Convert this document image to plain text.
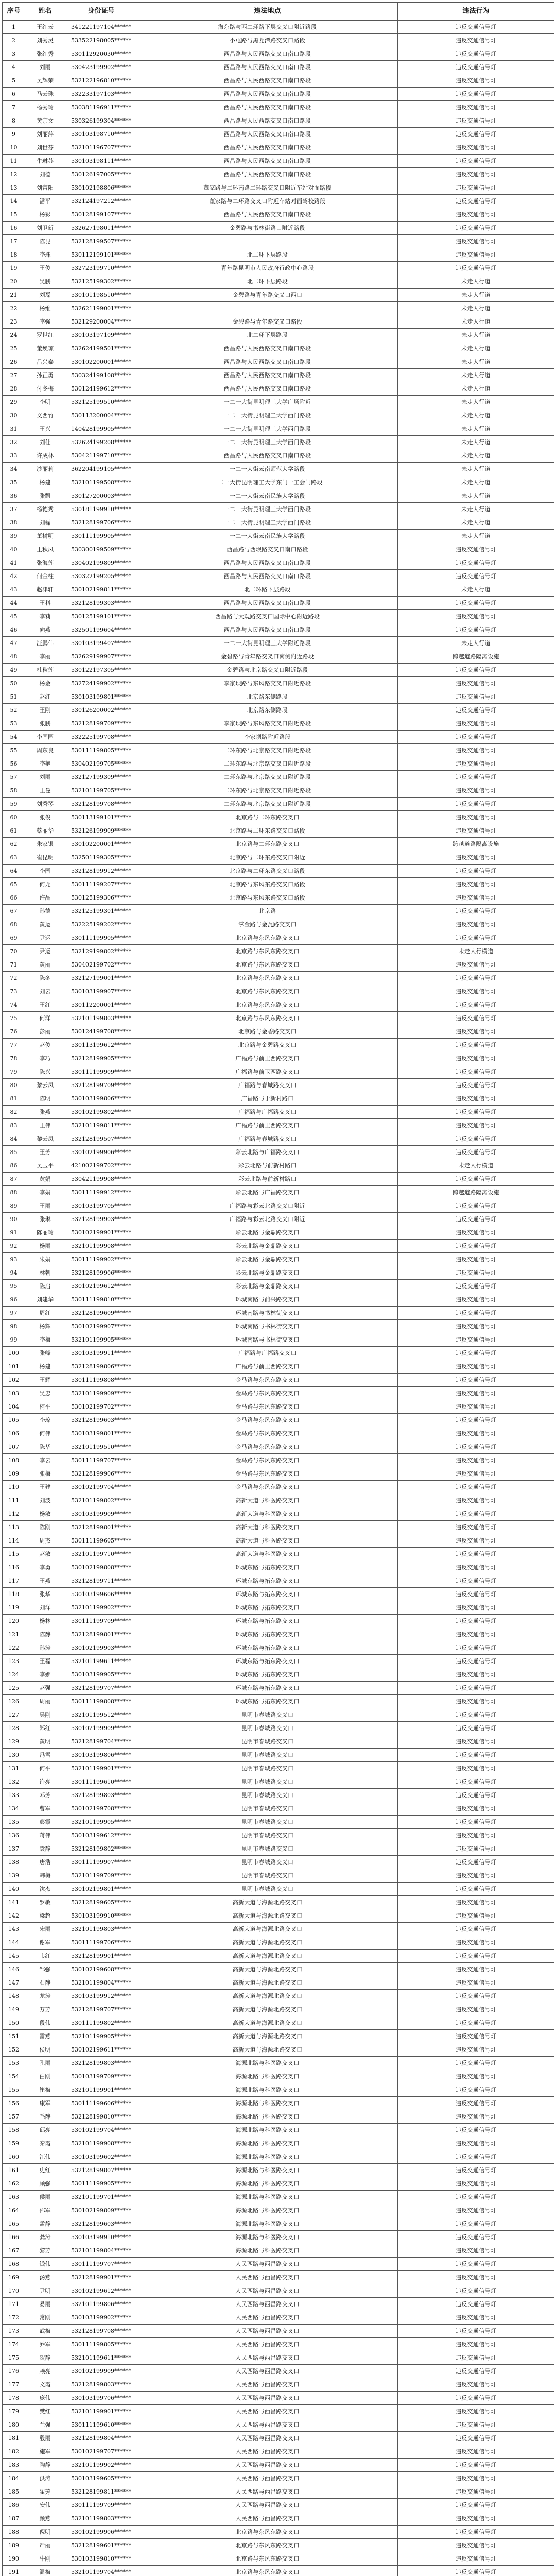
序号	姓名	身份证号	违法地点	违法行为
1	王红云	341221197104******	海东路与西二环路下层交叉口附近路段	违反交通信号灯
2	刘秀灵	533522198005******	小屯路与黑龙潭路交叉口路段	违反交通信号灯
3	张红秀	530112920030******	西昌路与人民西路交叉口南口路段	违反交通信号灯
4	刘丽	530423199902******	西昌路与人民西路交叉口南口路段	违反交通信号灯
5	吴辉荣	532122196810******	西昌路与人民西路交叉口南口路段	违反交通信号灯
6	马云珠	532233197103******	西昌路与人民西路交叉口南口路段	违反交通信号灯
7	杨秀玲	530381196911******	西昌路与人民西路交叉口南口路段	违反交通信号灯
8	黄宗文	530326199304******	西昌路与人民西路交叉口南口路段	违反交通信号灯
9	刘丽萍	530103198710******	西昌路与人民西路交叉口南口路段	违反交通信号灯
10	刘世芬	532101196707******	西昌路与人民西路交叉口南口路段	违反交通信号灯
11	牛琳苏	530103198111******	西昌路与人民西路交叉口南口路段	违反交通信号灯
12	刘德	530126197005******	西昌路与人民西路交叉口南口路段	违反交通信号灯
13	刘富阳	530102198806******	董家路与二环南路二环路交叉口附近车站对面路段	违反交通信号灯
14	潘平	532124197212******	董家路与二环路交叉口附近车站对面驾校路段	违反交通信号灯
15	杨彩	530128199107******	西昌路与人民西路交叉口南口路段	违反交通信号灯
16	刘卫新	532627198011******	金碧路与书林街路口附近路段	违反交通信号灯
17	陈昆	532128199507******		违反交通信号灯
18	李珠	530112199101******	北二环下层路段	违反交通信号灯
19	王俊	532723199710******	青年路昆明市人民政府行政中心路段	违反交通信号灯
20	吴鹏	532125199302******	北二环下层路段	未走人行道
21	刘磊	530101198510******	金碧路与青年路交叉口西口	未走人行道
22	杨维	532621199001******		未走人行道
23	李强	532129200004******	金碧路与青年路交叉口路段	未走人行道
24	罗世红	530103197109******	北二环下层路段	未走人行道
25	董焕琼	532624199501******	西昌路与人民西路交叉口南口路段	未走人行道
26	吕兴泰	530102200001******	西昌路与人民西路交叉口南口路段	未走人行道
27	孙正勇	530324199108******	西昌路与人民西路交叉口南口路段	未走人行道
28	付冬梅	530124199612******	西昌路与人民西路交叉口南口路段	未走人行道
29	李明	532125199510******	一二一大街昆明理工大学广场附近	未走人行道
30	文西竹	530113200004******	一二一大街昆明理工大学西门路段	未走人行道
31	王兴	140428199905******	一二一大街昆明理工大学西门路段	未走人行道
32	刘佳	532624199208******	一二一大街昆明理工大学西门路段	未走人行道
33	许成林	530421199710******	西昌路与人民西路交叉口南口路段	未走人行道
34	沙丽莉	362204199105******	一二一大街云南师范大学路段	未走人行道
35	杨建	532101199508******	一二一大街昆明理工大学东门一工会门路段	未走人行道
36	张凯	530127200003******	一二一大街云南民族大学路段	未走人行道
37	杨德秀	530181199910******	一二一大街昆明理工大学西门路段	未走人行道
38	刘磊	532128199706******	一二一大街昆明理工大学西门路段	未走人行道
39	董树明	530111199905******	一二一大街云南民族大学路段	未走人行道
40	王秋凤	530300199509******	西昌路与西坝路交叉口南口路段	违反交通信号灯
41	张海莲	530402199809******	西昌路与人民西路交叉口南口路段	违反交通信号灯
42	何金柱	530322199205******	西昌路与人民西路交叉口南口路段	违反交通信号灯
43	赵津轩	530102199811******	北二环路下层路段	未走人行道
44	王科	532128199303******	西昌路与人民西路交叉口南口路段	违反交通信号灯
45	李莉	530125199101******	西昌路与大观路交叉口国际中心附近路段	违反交通信号灯
46	向燕	532501199604******	西昌路与人民西路交叉口南口路段	违反交通信号灯
47	汪鹏伟	530103199407******	一二一大街昆明理工大学附近路段	未走人行道
48	李丽	532629199907******	金碧路与青年路交叉口南侧附近路段	跨越道路隔离设施
49	杜秋莲	530122197305******	金碧路与北京路交叉口附近路段	违反交通信号灯
50	杨金	532724199902******	李家坝路与东风路交叉口附近路段	违反交通信号灯
51	赵红	530103199801******	北京路东侧路段	违反交通信号灯
52	王刚	530126200002******	北京路东侧路段	违反交通信号灯
53	张鹏	532128199709******	李家坝路与东风路交叉口附近路段	违反交通信号灯
54	李国园	532225199708******	李家坝路附近路段	违反交通信号灯
55	周东良	530111199805******	二环东路与北京路交叉口附近路段	违反交通信号灯
56	李艳	530402199705******	二环东路与北京路交叉口附近路段	违反交通信号灯
57	刘丽	532127199309******	二环东路与北京路交叉口附近路段	违反交通信号灯
58	王曼	532101199705******	二环东路与北京路交叉口附近路段	违反交通信号灯
59	刘秀琴	532128199708******	二环东路与北京路交叉口附近路段	违反交通信号灯
60	张俊	530113199101******	北京路与二环东路交叉口	违反交通信号灯
61	蔡丽华	532126199909******	北京路与二环东路交叉口路段	违反交通信号灯
62	朱家银	530102200001******	北京路与二环东路交叉口	跨越道路隔离设施
63	崔昆明	532501199305******	北京路与二环东路交叉口附近	违反交通信号灯
64	李园	532128199912******	北京路与二环东路交叉口路段	违反交通信号灯
65	何龙	530111199207******	北京路与东风东路交叉口路段	违反交通信号灯
66	许晶	530125199306******	北京路与东风东路交叉口路段	违反交通信号灯
67	孙德	532125199301******	北京路	违反交通信号灯
68	黄运	532225199202******	掌金路与金瓦路交叉口	违反交通信号灯
69	尹运	530111199905******	北京路与东风东路交叉口	违反交通信号灯
70	尹运	532129199802******	北京路与东风东路交叉口	未走人行横道
71	黄丽	530402199702******	北京路与东风东路交叉口	违反交通信号灯
72	陈冬	532127199001******	北京路与东风东路交叉口	违反交通信号灯
73	刘云	530103199907******	北京路与东风东路交叉口	违反交通信号灯
74	王红	530112200001******	北京路与东风东路交叉口	违反交通信号灯
75	何洋	532101199803******	北京路与东风东路交叉口	违反交通信号灯
76	彭丽	530124199708******	北京路与金碧路交叉口	违反交通信号灯
77	赵俊	530113199612******	北京路与金碧路交叉口	违反交通信号灯
78	李巧	532128199905******	广福路与前卫西路交叉口	违反交通信号灯
79	陈兴	530111199909******	广福路与前卫西路交叉口	违反交通信号灯
80	黎云凤	532128199709******	广福路与春城路交叉口	违反交通信号灯
81	陈明	530103199806******	广福路与于新村路口	违反交通信号灯
82	张燕	530102199802******	广福路与广福路交叉口	违反交通信号灯
83	王伟	532101199811******	广福路与前卫西路交叉口	违反交通信号灯
84	黎云凤	532128199507******	广福路与春城路交叉口	违反交通信号灯
85	王芳	530102199906******	彩云北路与广福路交叉口	违反交通信号灯
86	吴玉平	421002199702******	彩云北路与前新村路口	未走人行横道
87	黄娟	530421199908******	彩云北路与前新村路口	违反交通信号灯
88	李娟	530111199912******	彩云北路与广福路交叉口	跨越道路隔离设施
89	王丽	530103199705******	广福路与彩云北路交叉口附近	违反交通信号灯
90	张琳	532128199903******	广福路与彩云北路交叉口附近	违反交通信号灯
91	陈丽玲	530102199901******	彩云北路与金鼎路交叉口	违反交通信号灯
92	杨丽	532101199908******	彩云北路与金鼎路交叉口	违反交通信号灯
93	朱娟	530111199902******	彩云北路与金鼎路交叉口	违反交通信号灯
94	林朝	532128199906******	彩云北路与金鼎路交叉口	违反交通信号灯
95	陈启	530102199612******	彩云北路与金鼎路交叉口	违反交通信号灯
96	刘建华	530111199810******	环城南路与前兴路交叉口	违反交通信号灯
97	周红	532128199609******	环城南路与书林街交叉口	违反交通信号灯
98	杨辉	530102199907******	环城南路与书林街交叉口	违反交通信号灯
99	李梅	532101199905******	环城南路与书林街交叉口	违反交通信号灯
100	张峰	530103199911******	广福路与广福路交叉口	违反交通信号灯
101	杨建	532128199806******	广福路与前卫西路交叉口	违反交通信号灯
102	王辉	530111199808******	金马路与东风东路交叉口	违反交通信号灯
103	吴忠	532101199909******	金马路与东风东路交叉口	违反交通信号灯
104	柯平	530102199702******	金马路与东风东路交叉口	违反交通信号灯
105	李琼	532128199603******	金马路与东风东路交叉口	违反交通信号灯
106	何伟	530103199801******	金马路与东风东路交叉口	违反交通信号灯
107	陈华	532101199510******	金马路与东风东路交叉口	违反交通信号灯
108	李云	530111199707******	金马路与东风东路交叉口	违反交通信号灯
109	张梅	532128199906******	金马路与东风东路交叉口	违反交通信号灯
110	王建	530102199704******	金马路与东风东路交叉口	违反交通信号灯
111	刘波	532101199802******	高新大道与科医路交叉口	违反交通信号灯
112	杨敏	530103199909******	高新大道与科医路交叉口	违反交通信号灯
113	陈刚	532128199801******	高新大道与科医路交叉口	违反交通信号灯
114	周杰	530111199605******	高新大道与科医路交叉口	违反交通信号灯
115	赵敏	532101199710******	高新大道与科医路交叉口	违反交通信号灯
116	李勇	530102199808******	环城东路与拓东路交叉口	违反交通信号灯
117	王燕	532128199711******	环城东路与拓东路交叉口	违反交通信号灯
118	张华	530103199606******	环城东路与拓东路交叉口	违反交通信号灯
119	刘洋	532101199902******	环城东路与拓东路交叉口	违反交通信号灯
120	杨林	530111199709******	环城东路与拓东路交叉口	违反交通信号灯
121	陈静	532128199801******	环城东路与拓东路交叉口	违反交通信号灯
122	孙涛	530102199903******	环城东路与拓东路交叉口	违反交通信号灯
123	王磊	532101199611******	环城东路与拓东路交叉口	违反交通信号灯
124	李娜	530103199905******	环城东路与拓东路交叉口	违反交通信号灯
125	赵强	532128199707******	环城东路与拓东路交叉口	违反交通信号灯
126	周丽	530111199808******	环城东路与拓东路交叉口	违反交通信号灯
127	吴刚	532101199512******	昆明市春城路交叉口	违反交通信号灯
128	郑红	530102199909******	昆明市春城路交叉口	违反交通信号灯
129	黄明	532128199704******	昆明市春城路交叉口	违反交通信号灯
130	冯雪	530103199806******	昆明市春城路交叉口	违反交通信号灯
131	何平	532101199901******	昆明市春城路交叉口	违反交通信号灯
132	许亮	530111199610******	昆明市春城路交叉口	违反交通信号灯
133	邓芳	532128199803******	昆明市春城路交叉口	违反交通信号灯
134	曹军	530102199708******	昆明市春城路交叉口	违反交通信号灯
135	彭霞	532101199905******	昆明市春城路交叉口	违反交通信号灯
136	蒋伟	530103199612******	昆明市春城路交叉口	违反交通信号灯
137	袁静	532128199802******	昆明市春城路交叉口	违反交通信号灯
138	唐浩	530111199907******	昆明市春城路交叉口	违反交通信号灯
139	韩梅	532101199709******	昆明市春城路交叉口	违反交通信号灯
140	沈杰	530102199801******	昆明市春城路交叉口	违反交通信号灯
141	罗敏	532128199605******	高新大道与海源北路交叉口	违反交通信号灯
142	梁超	530103199910******	高新大道与海源北路交叉口	违反交通信号灯
143	宋丽	532101199803******	高新大道与海源北路交叉口	违反交通信号灯
144	谢军	530111199706******	高新大道与海源北路交叉口	违反交通信号灯
145	韦红	532128199901******	高新大道与海源北路交叉口	违反交通信号灯
146	邹强	530102199608******	高新大道与海源北路交叉口	违反交通信号灯
147	石静	532101199804******	高新大道与海源北路交叉口	违反交通信号灯
148	龙涛	530103199912******	高新大道与海源北路交叉口	违反交通信号灯
149	万芳	532128199707******	高新大道与海源北路交叉口	违反交通信号灯
150	段伟	530111199802******	高新大道与海源北路交叉口	违反交通信号灯
151	雷燕	532101199905******	高新大道与海源北路交叉口	违反交通信号灯
152	侯明	530102199611******	高新大道与海源北路交叉口	违反交通信号灯
153	孔丽	532128199803******	海源北路与科医路交叉口	违反交通信号灯
154	白刚	530103199709******	海源北路与科医路交叉口	违反交通信号灯
155	崔梅	532101199901******	海源北路与科医路交叉口	违反交通信号灯
156	康军	530111199606******	海源北路与科医路交叉口	违反交通信号灯
157	毛静	532128199810******	海源北路与科医路交叉口	违反交通信号灯
158	邱亮	530102199704******	海源北路与科医路交叉口	违反交通信号灯
159	秦霞	532101199908******	海源北路与科医路交叉口	违反交通信号灯
160	江伟	530103199602******	海源北路与科医路交叉口	违反交通信号灯
161	史红	532128199807******	海源北路与科医路交叉口	违反交通信号灯
162	顾强	530111199905******	海源北路与科医路交叉口	违反交通信号灯
163	侯丽	532101199701******	海源北路与科医路交叉口	违反交通信号灯
164	邵军	530102199809******	海源北路与科医路交叉口	违反交通信号灯
165	孟静	532128199603******	海源北路与科医路交叉口	违反交通信号灯
166	龚涛	530103199910******	海源北路与科医路交叉口	违反交通信号灯
167	黎芳	532101199804******	海源北路与科医路交叉口	违反交通信号灯
168	钱伟	530111199707******	人民西路与西昌路交叉口	违反交通信号灯
169	汤燕	532128199901******	人民西路与西昌路交叉口	违反交通信号灯
170	尹明	530102199612******	人民西路与西昌路交叉口	违反交通信号灯
171	易丽	532101199806******	人民西路与西昌路交叉口	违反交通信号灯
172	常刚	530103199902******	人民西路与西昌路交叉口	违反交通信号灯
173	武梅	532128199708******	人民西路与西昌路交叉口	违反交通信号灯
174	乔军	530111199805******	人民西路与西昌路交叉口	违反交通信号灯
175	贺静	532101199611******	人民西路与西昌路交叉口	违反交通信号灯
176	赖亮	530102199909******	人民西路与西昌路交叉口	违反交通信号灯
177	文霞	532128199803******	人民西路与西昌路交叉口	违反交通信号灯
178	庞伟	530103199706******	人民西路与西昌路交叉口	违反交通信号灯
179	樊红	532101199901******	人民西路与西昌路交叉口	违反交通信号灯
180	兰强	530111199610******	人民西路与西昌路交叉口	违反交通信号灯
181	殷丽	532128199804******	人民西路与西昌路交叉口	违反交通信号灯
182	施军	530102199707******	人民西路与西昌路交叉口	违反交通信号灯
183	陶静	532101199902******	人民西路与西昌路交叉口	违反交通信号灯
184	洪涛	530103199605******	人民西路与西昌路交叉口	违反交通信号灯
185	翟芳	532128199811******	人民西路与西昌路交叉口	违反交通信号灯
186	安伟	530111199709******	人民西路与西昌路交叉口	违反交通信号灯
187	颜燕	532101199803******	人民西路与西昌路交叉口	违反交通信号灯
188	倪明	530102199906******	北京路与东风东路交叉口	违反交通信号灯
189	严丽	532128199601******	北京路与东风东路交叉口	违反交通信号灯
190	牛刚	530103199810******	北京路与东风东路交叉口	违反交通信号灯
191	温梅	532101199704******	北京路与东风东路交叉口	违反交通信号灯
